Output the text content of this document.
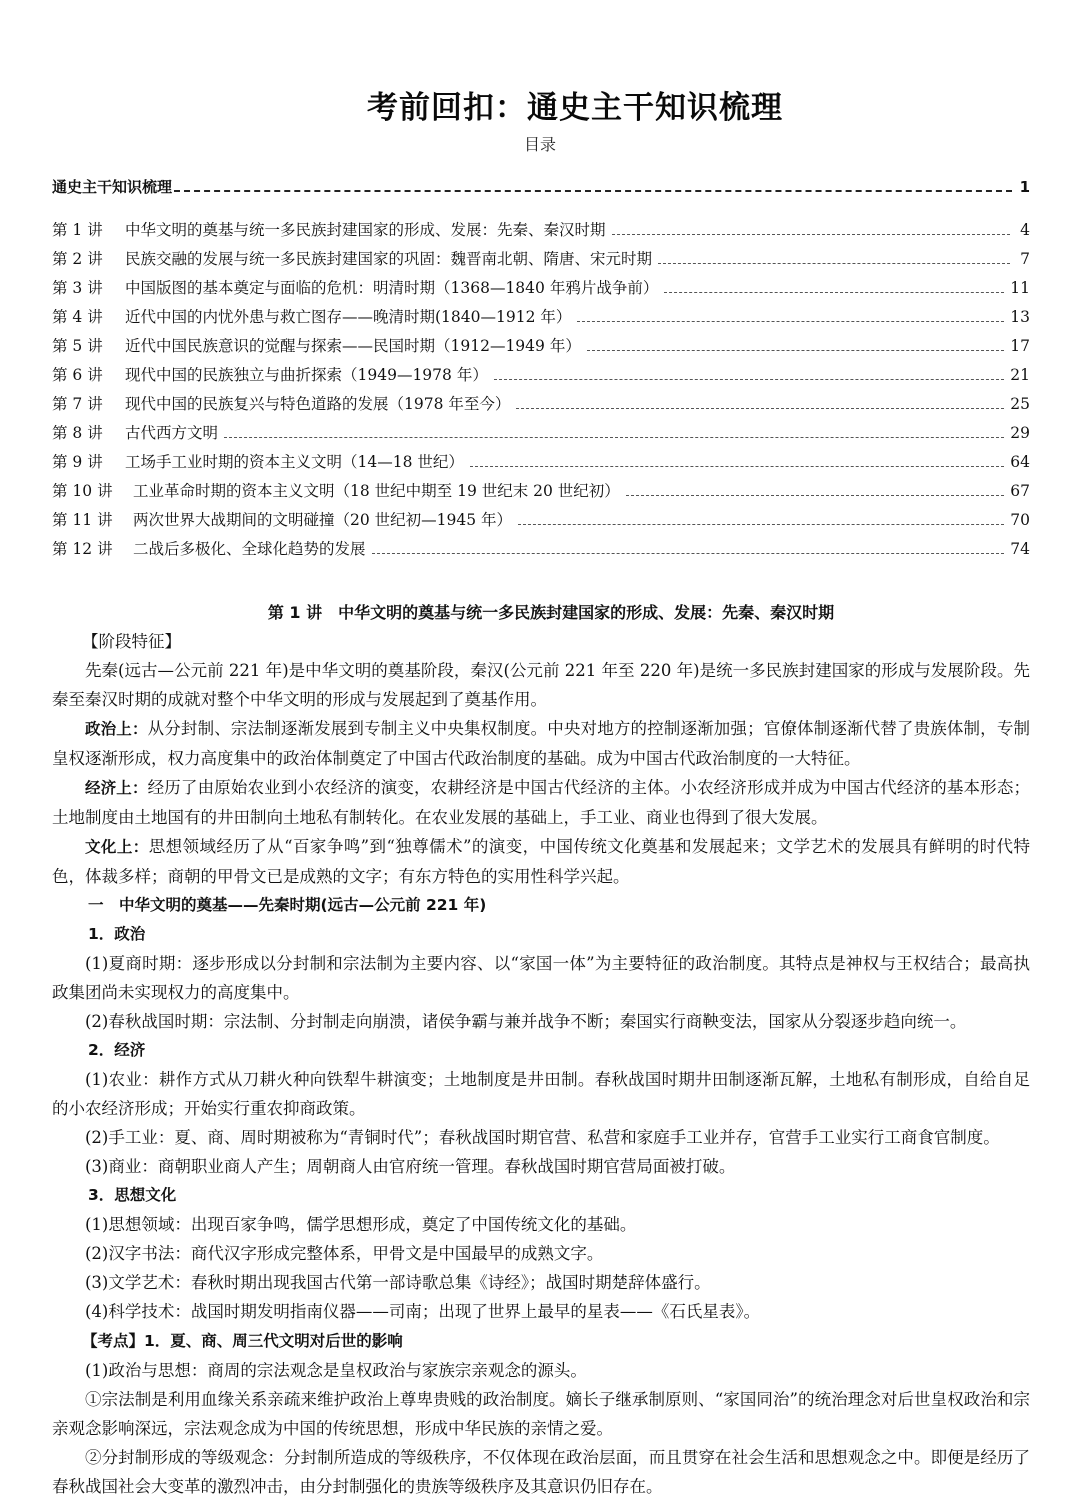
考前回扣：通史主干知识梳理
目录
通史主干知识梳理	1
第 1 讲	中华文明的奠基与统一多民族封建国家的形成、发展：先秦、秦汉时期	4
第 2 讲	民族交融的发展与统一多民族封建国家的巩固：魏晋南北朝、隋唐、宋元时期	7
第 3 讲	中国版图的基本奠定与面临的危机：明清时期（1368—1840 年鸦片战争前）	11
第 4 讲	近代中国的内忧外患与救亡图存——晚清时期(1840—1912 年）	13
第 5 讲	近代中国民族意识的觉醒与探索——民国时期（1912—1949 年）	17
第 6 讲	现代中国的民族独立与曲折探索（1949—1978 年）	21
第 7 讲	现代中国的民族复兴与特色道路的发展（1978 年至今）	25
第 8 讲	古代西方文明	29
第 9 讲	工场手工业时期的资本主义文明（14—18 世纪）	64
第 10 讲	工业革命时期的资本主义文明（18 世纪中期至 19 世纪末 20 世纪初）	67
第 11 讲	两次世界大战期间的文明碰撞（20 世纪初—1945 年）	70
第 12 讲	二战后多极化、全球化趋势的发展	74
第 1 讲　中华文明的奠基与统一多民族封建国家的形成、发展：先秦、秦汉时期
【阶段特征】

先秦(远古—公元前 221 年)是中华文明的奠基阶段，秦汉(公元前 221 年至 220 年)是统一多民族封建国家的形成与发展阶段。先秦至秦汉时期的成就对整个中华文明的形成与发展起到了奠基作用。

政治上：从分封制、宗法制逐渐发展到专制主义中央集权制度。中央对地方的控制逐渐加强；官僚体制逐渐代替了贵族体制，专制皇权逐渐形成，权力高度集中的政治体制奠定了中国古代政治制度的基础。成为中国古代政治制度的一大特征。

经济上：经历了由原始农业到小农经济的演变，农耕经济是中国古代经济的主体。小农经济形成并成为中国古代经济的基本形态；土地制度由土地国有的井田制向土地私有制转化。在农业发展的基础上，手工业、商业也得到了很大发展。

文化上：思想领域经历了从“百家争鸣”到“独尊儒术”的演变，中国传统文化奠基和发展起来；文学艺术的发展具有鲜明的时代特色，体裁多样；商朝的甲骨文已是成熟的文字；有东方特色的实用性科学兴起。

一　中华文明的奠基——先秦时期(远古—公元前 221 年)
1．政治

(1)夏商时期：逐步形成以分封制和宗法制为主要内容、以“家国一体”为主要特征的政治制度。其特点是神权与王权结合；最高执政集团尚未实现权力的高度集中。

(2)春秋战国时期：宗法制、分封制走向崩溃，诸侯争霸与兼并战争不断；秦国实行商鞅变法，国家从分裂逐步趋向统一。

2．经济

(1)农业：耕作方式从刀耕火种向铁犁牛耕演变；土地制度是井田制。春秋战国时期井田制逐渐瓦解，土地私有制形成，自给自足的小农经济形成；开始实行重农抑商政策。

(2)手工业：夏、商、周时期被称为“青铜时代”；春秋战国时期官营、私营和家庭手工业并存，官营手工业实行工商食官制度。

(3)商业：商朝职业商人产生；周朝商人由官府统一管理。春秋战国时期官营局面被打破。

3．思想文化

(1)思想领域：出现百家争鸣，儒学思想形成，奠定了中国传统文化的基础。

(2)汉字书法：商代汉字形成完整体系，甲骨文是中国最早的成熟文字。

(3)文学艺术：春秋时期出现我国古代第一部诗歌总集《诗经》；战国时期楚辞体盛行。

(4)科学技术：战国时期发明指南仪器——司南；出现了世界上最早的星表——《石氏星表》。

【考点】1．夏、商、周三代文明对后世的影响

(1)政治与思想：商周的宗法观念是皇权政治与家族宗亲观念的源头。

①宗法制是利用血缘关系亲疏来维护政治上尊卑贵贱的政治制度。嫡长子继承制原则、“家国同治”的统治理念对后世皇权政治和宗亲观念影响深远，宗法观念成为中国的传统思想，形成中华民族的亲情之爱。

②分封制形成的等级观念：分封制所造成的等级秩序，不仅体现在政治层面，而且贯穿在社会生活和思想观念之中。即便是经历了春秋战国社会大变革的激烈冲击，由分封制强化的贵族等级秩序及其意识仍旧存在。
